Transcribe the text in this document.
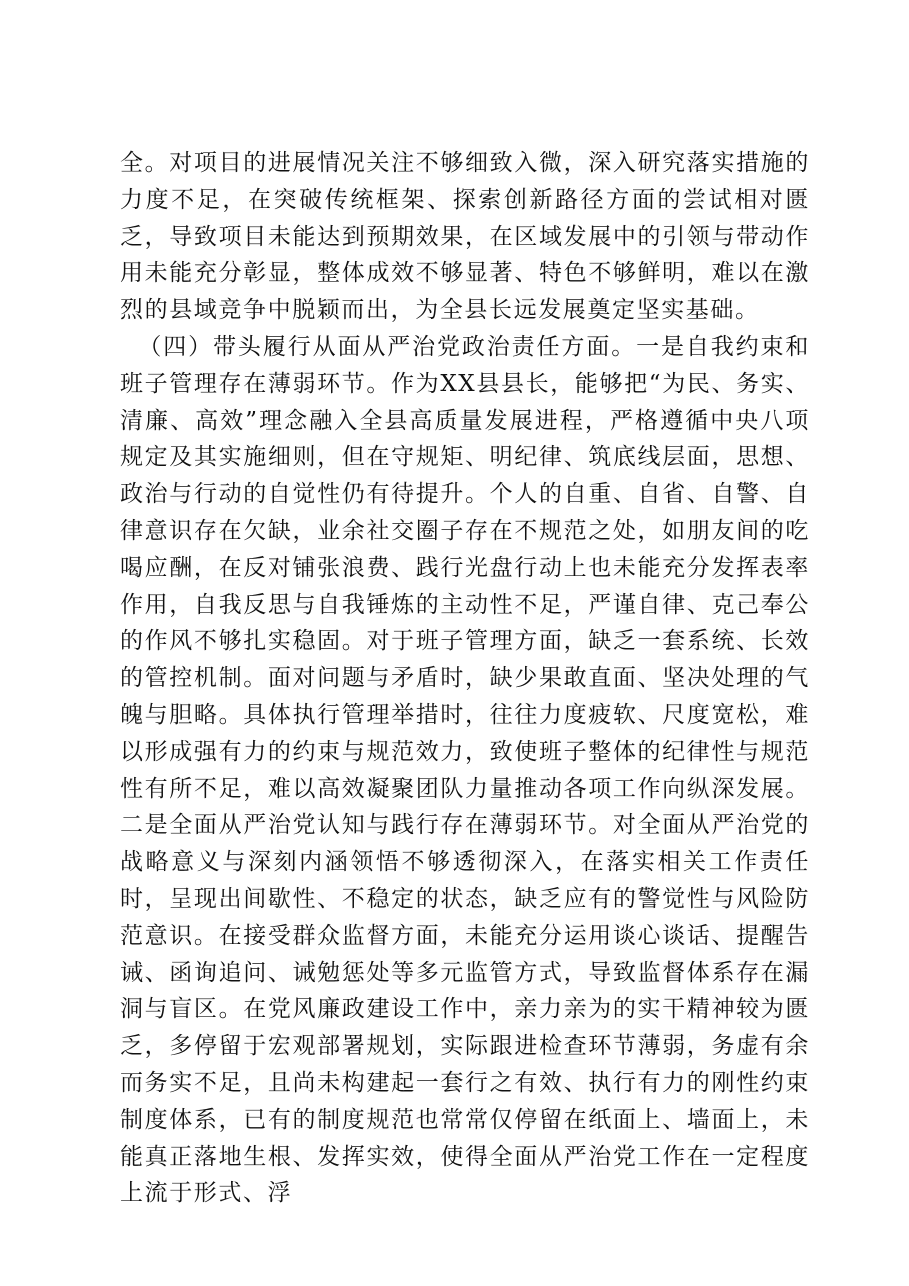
全。对项目的进展情况关注不够细致入微，深入研究落实措施的力度不足，在突破传统框架、探索创新路径方面的尝试相对匮乏，导致项目未能达到预期效果，在区域发展中的引领与带动作用未能充分彰显，整体成效不够显著、特色不够鲜明，难以在激烈的县域竞争中脱颖而出，为全县长远发展奠定坚实基础。

（四）带头履行从面从严治党政治责任方面。一是自我约束和班子管理存在薄弱环节。作为XX县县长，能够把“为民、务实、清廉、高效”理念融入全县高质量发展进程，严格遵循中央八项规定及其实施细则，但在守规矩、明纪律、筑底线层面，思想、政治与行动的自觉性仍有待提升。个人的自重、自省、自警、自律意识存在欠缺，业余社交圈子存在不规范之处，如朋友间的吃喝应酬，在反对铺张浪费、践行光盘行动上也未能充分发挥表率作用，自我反思与自我锤炼的主动性不足，严谨自律、克己奉公的作风不够扎实稳固。对于班子管理方面，缺乏一套系统、长效的管控机制。面对问题与矛盾时，缺少果敢直面、坚决处理的气魄与胆略。具体执行管理举措时，往往力度疲软、尺度宽松，难以形成强有力的约束与规范效力，致使班子整体的纪律性与规范性有所不足，难以高效凝聚团队力量推动各项工作向纵深发展。二是全面从严治党认知与践行存在薄弱环节。对全面从严治党的战略意义与深刻内涵领悟不够透彻深入，在落实相关工作责任时，呈现出间歇性、不稳定的状态，缺乏应有的警觉性与风险防范意识。在接受群众监督方面，未能充分运用谈心谈话、提醒告诫、函询追问、诫勉惩处等多元监管方式，导致监督体系存在漏洞与盲区。在党风廉政建设工作中，亲力亲为的实干精神较为匮乏，多停留于宏观部署规划，实际跟进检查环节薄弱，务虚有余而务实不足，且尚未构建起一套行之有效、执行有力的刚性约束制度体系，已有的制度规范也常常仅停留在纸面上、墙面上，未能真正落地生根、发挥实效，使得全面从严治党工作在一定程度上流于形式、浮
